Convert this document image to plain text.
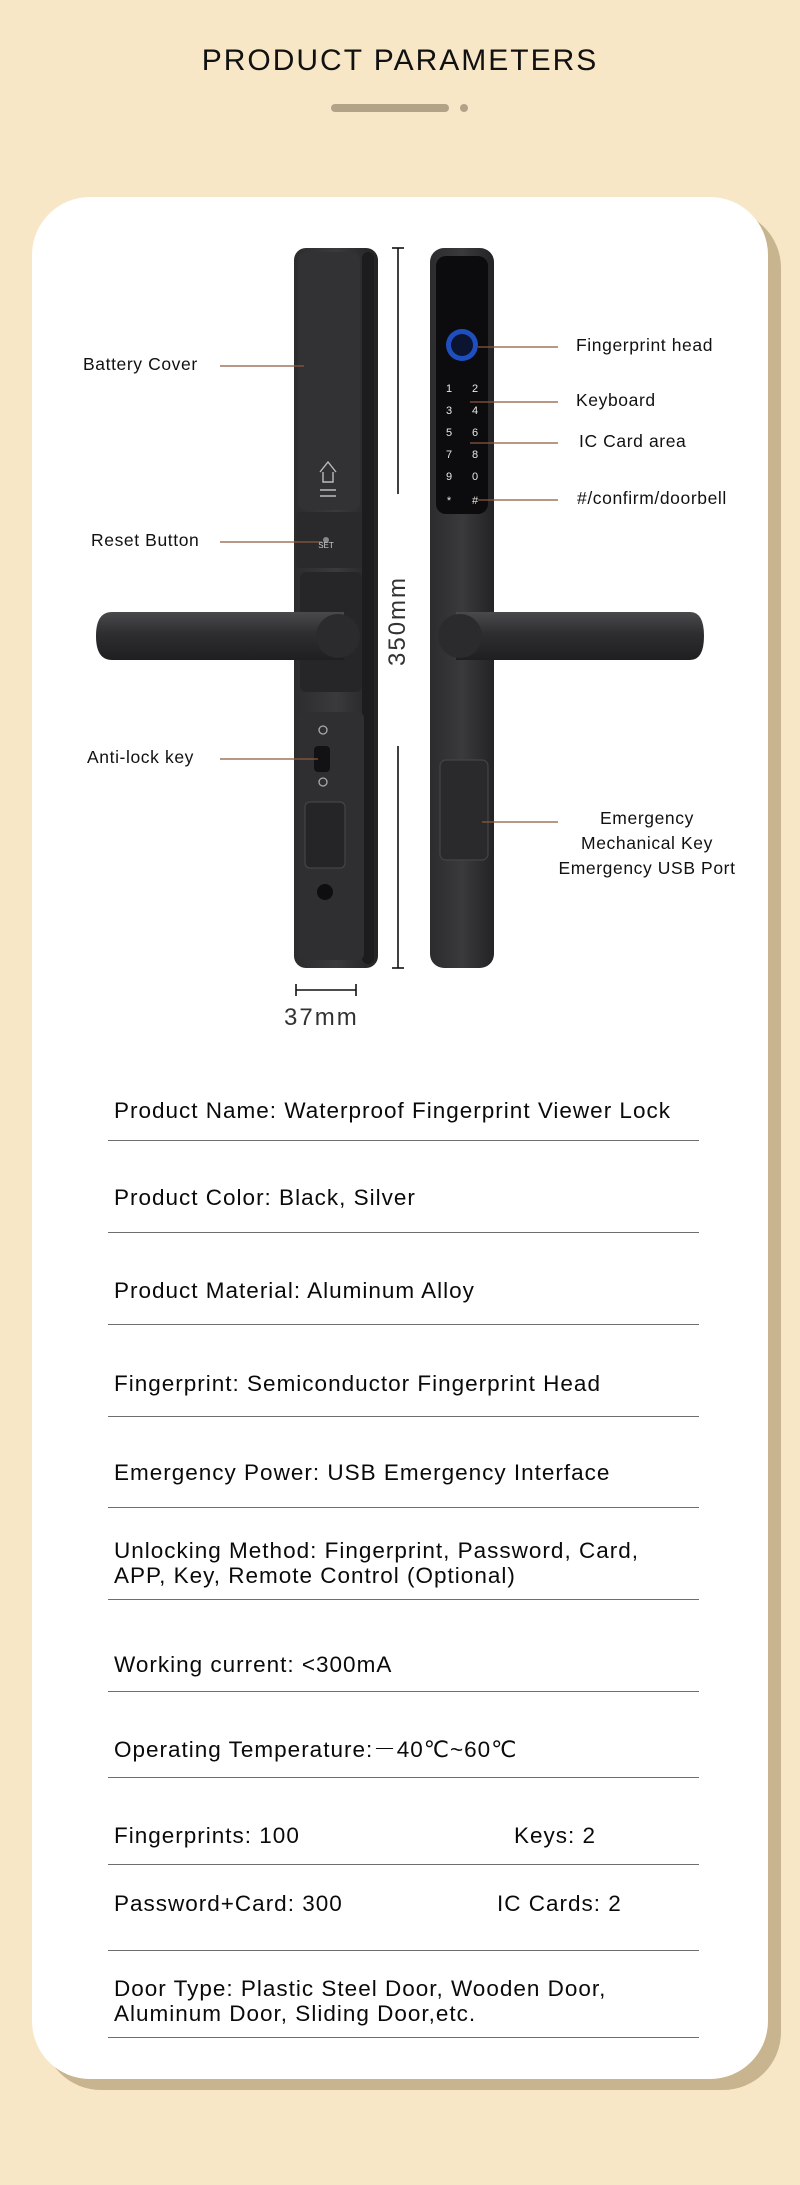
PRODUCT PARAMETERS
1 2
3 4
5 6
7 8
9 0
* #
SET
Battery Cover
Reset Button
Anti-lock key
Fingerprint head
Keyboard
IC Card area
#/confirm/doorbell
Emergency
Mechanical Key
Emergency USB Port
350mm
37mm
Product Name: Waterproof Fingerprint Viewer Lock
Product Color: Black, Silver
Product Material: Aluminum Alloy
Fingerprint: Semiconductor Fingerprint Head
Emergency Power: USB Emergency Interface
Unlocking Method: Fingerprint, Password, Card,
APP, Key, Remote Control (Optional)
Working current: <300mA
Operating Temperature:－40℃~60℃
Fingerprints: 100	Keys: 2
Password+Card: 300	IC Cards: 2
Door Type: Plastic Steel Door, Wooden Door,
Aluminum Door, Sliding Door,etc.
